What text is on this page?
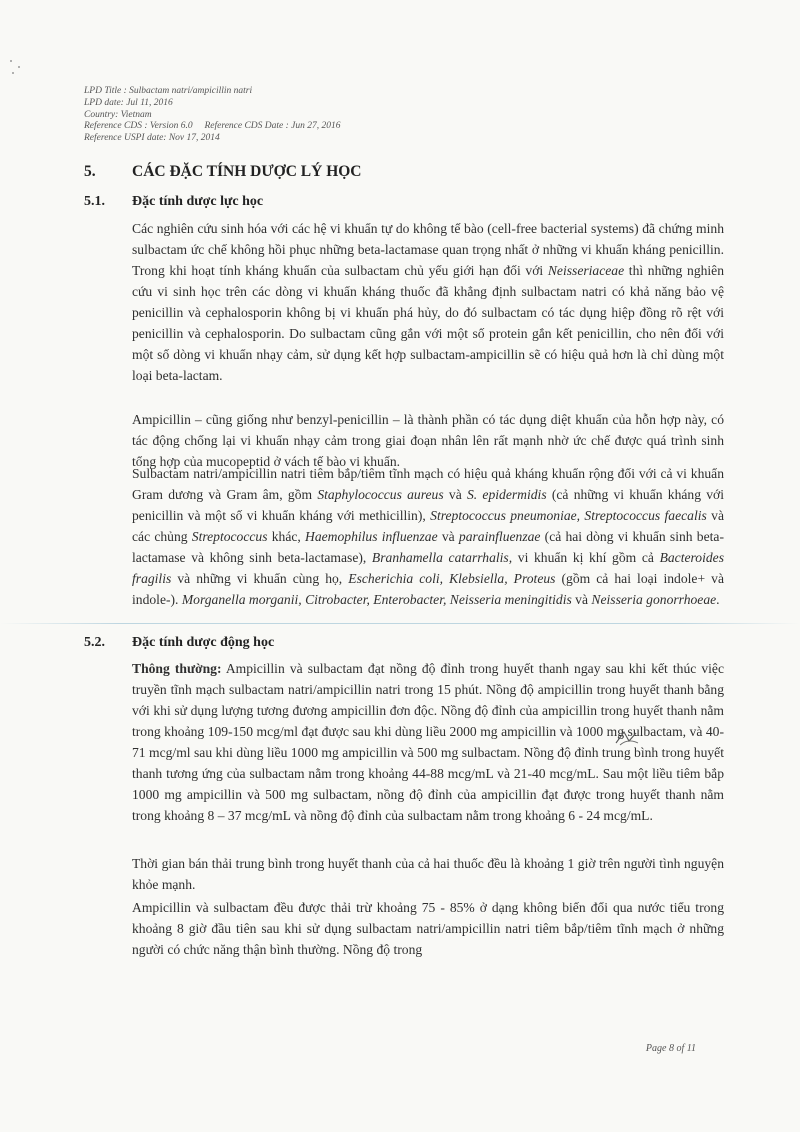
LPD Title : Sulbactam natri/ampicillin natri
LPD date: Jul 11, 2016
Country: Vietnam
Reference CDS : Version 6.0     Reference CDS Date : Jun 27, 2016
Reference USPI date: Nov 17, 2014
5. CÁC ĐẶC TÍNH DƯỢC LÝ HỌC
5.1. Đặc tính dược lực học

Các nghiên cứu sinh hóa với các hệ vi khuẩn tự do không tế bào (cell-free bacterial systems) đã chứng minh sulbactam ức chế không hồi phục những beta-lactamase quan trọng nhất ở những vi khuẩn kháng penicillin. Trong khi hoạt tính kháng khuẩn của sulbactam chủ yếu giới hạn đối với Neisseriaceae thì những nghiên cứu vi sinh học trên các dòng vi khuẩn kháng thuốc đã khẳng định sulbactam natri có khả năng bảo vệ penicillin và cephalosporin không bị vi khuẩn phá hủy, do đó sulbactam có tác dụng hiệp đồng rõ rệt với penicillin và cephalosporin. Do sulbactam cũng gắn với một số protein gắn kết penicillin, cho nên đối với một số dòng vi khuẩn nhạy cảm, sử dụng kết hợp sulbactam-ampicillin sẽ có hiệu quả hơn là chỉ dùng một loại beta-lactam.

Ampicillin – cũng giống như benzyl-penicillin – là thành phần có tác dụng diệt khuẩn của hỗn hợp này, có tác động chống lại vi khuẩn nhạy cảm trong giai đoạn nhân lên rất mạnh nhờ ức chế được quá trình sinh tổng hợp của mucopeptid ở vách tế bào vi khuẩn.

Sulbactam natri/ampicillin natri tiêm bắp/tiêm tĩnh mạch có hiệu quả kháng khuẩn rộng đối với cả vi khuẩn Gram dương và Gram âm, gồm Staphylococcus aureus và S. epidermidis (cả những vi khuẩn kháng với penicillin và một số vi khuẩn kháng với methicillin), Streptococcus pneumoniae, Streptococcus faecalis và các chủng Streptococcus khác, Haemophilus influenzae và parainfluenzae (cả hai dòng vi khuẩn sinh beta-lactamase và không sinh beta-lactamase), Branhamella catarrhalis, vi khuẩn kị khí gồm cả Bacteroides fragilis và những vi khuẩn cùng họ, Escherichia coli, Klebsiella, Proteus (gồm cả hai loại indole+ và indole-). Morganella morganii, Citrobacter, Enterobacter, Neisseria meningitidis và Neisseria gonorrhoeae.

5.2. Đặc tính dược động học

Thông thường: Ampicillin và sulbactam đạt nồng độ đỉnh trong huyết thanh ngay sau khi kết thúc việc truyền tĩnh mạch sulbactam natri/ampicillin natri trong 15 phút. Nồng độ ampicillin trong huyết thanh bằng với khi sử dụng lượng tương đương ampicillin đơn độc. Nồng độ đỉnh của ampicillin trong huyết thanh nằm trong khoảng 109-150 mcg/ml đạt được sau khi dùng liều 2000 mg ampicillin và 1000 mg sulbactam, và 40-71 mcg/ml sau khi dùng liều 1000 mg ampicillin và 500 mg sulbactam. Nồng độ đỉnh trung bình trong huyết thanh tương ứng của sulbactam nằm trong khoảng 44-88 mcg/mL và 21-40 mcg/mL. Sau một liều tiêm bắp 1000 mg ampicillin và 500 mg sulbactam, nồng độ đỉnh của ampicillin đạt được trong huyết thanh nằm trong khoảng 8 – 37 mcg/mL và nồng độ đỉnh của sulbactam nằm trong khoảng 6 - 24 mcg/mL.

Thời gian bán thải trung bình trong huyết thanh của cả hai thuốc đều là khoảng 1 giờ trên người tình nguyện khỏe mạnh.

Ampicillin và sulbactam đều được thải trừ khoảng 75 - 85% ở dạng không biến đổi qua nước tiểu trong khoảng 8 giờ đầu tiên sau khi sử dụng sulbactam natri/ampicillin natri tiêm bắp/tiêm tĩnh mạch ở những người có chức năng thận bình thường. Nồng độ trong

Page 8 of 11
